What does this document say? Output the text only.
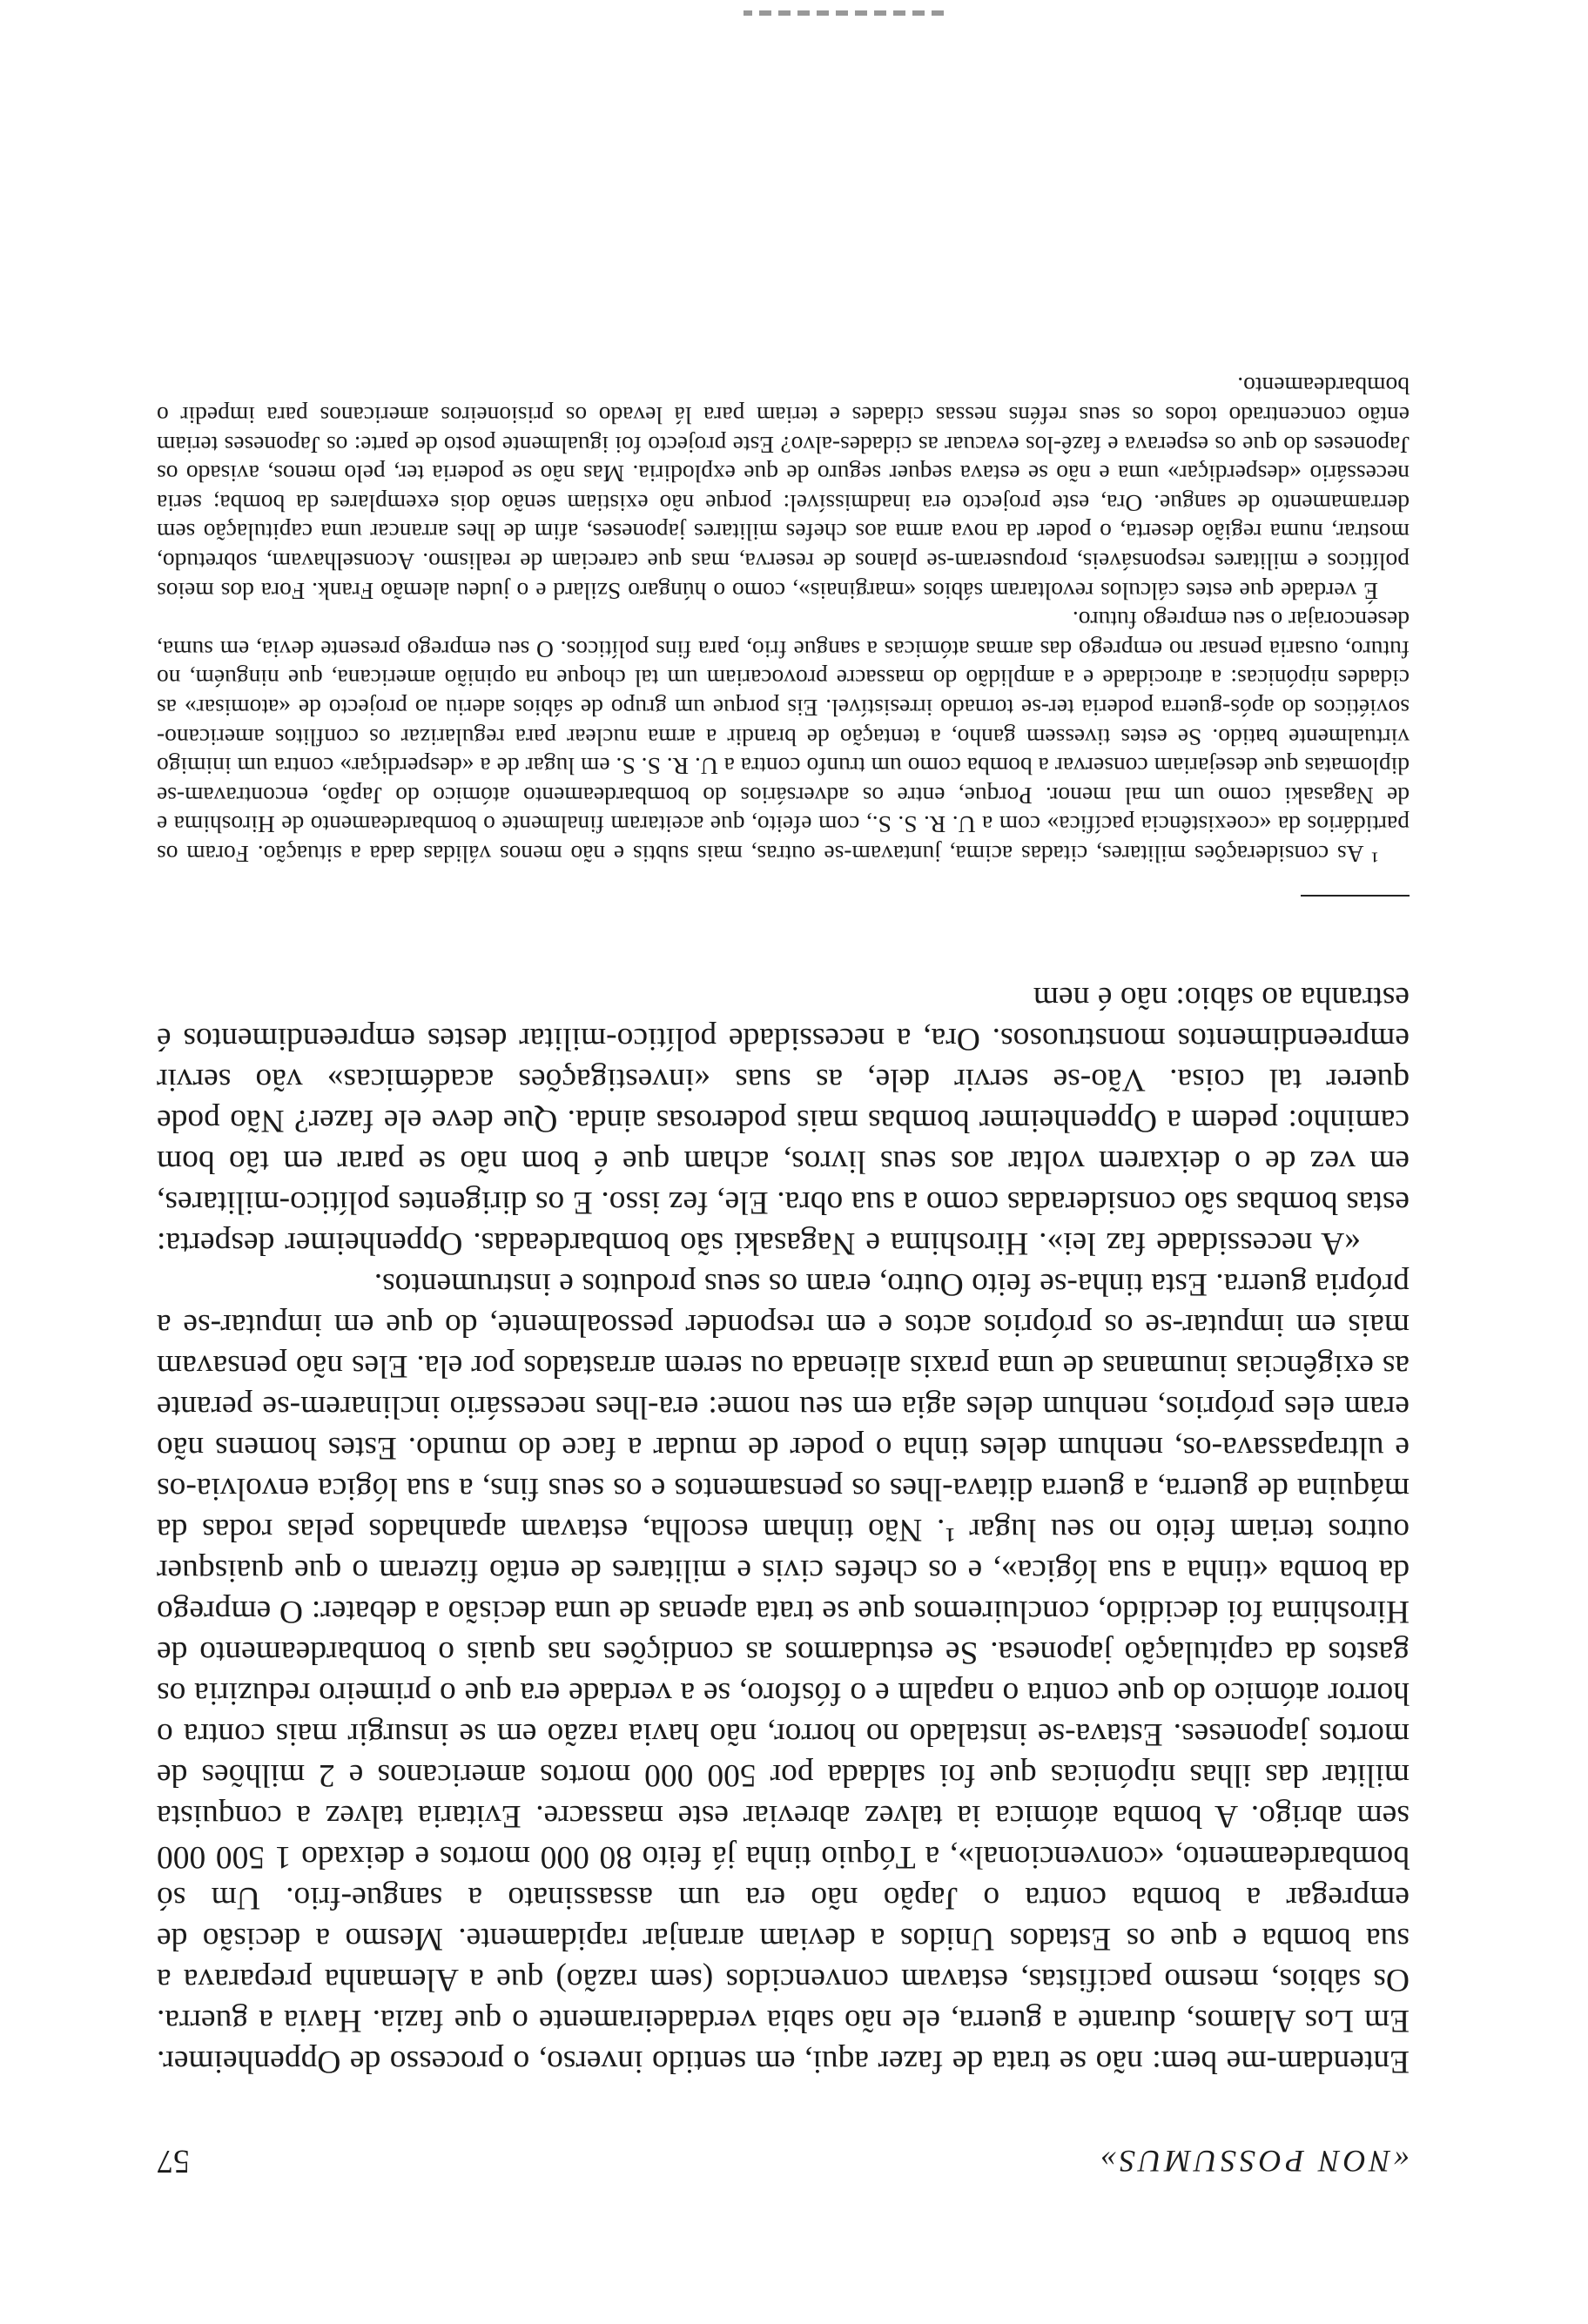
«NON POSSUMUS»
57

Entendam-me bem: não se trata de fazer aqui, em sentido inverso, o processo de Oppenheimer. Em Los Alamos, durante a guerra, ele não sabia verdadeiramente o que fazia. Havia a guerra. Os sábios, mesmo pacifistas, estavam convencidos (sem razão) que a Alemanha preparava a sua bomba e que os Estados Unidos a deviam arranjar rapidamente. Mesmo a decisão de empregar a bomba contra o Japão não era um assassinato a sangue-frio. Um só bombardeamento, «convencional», a Tóquio tinha já feito 80 000 mortos e deixado 1 500 000 sem abrigo. A bomba atómica ia talvez abreviar este massacre. Evitaria talvez a conquista militar das ilhas nipónicas que foi saldada por 500 000 mortos americanos e 2 milhões de mortos japoneses. Estava-se instalado no horror, não havia razão em se insurgir mais contra o horror atómico do que contra o napalm e o fósforo, se a verdade era que o primeiro reduziria os gastos da capitulação japonesa. Se estudarmos as condições nas quais o bombardeamento de Hiroshima foi decidido, concluiremos que se trata apenas de uma decisão a debater: O emprego da bomba «tinha a sua lógica», e os chefes civis e militares de então fizeram o que quaisquer outros teriam feito no seu lugar ¹. Não tinham escolha, estavam apanhados pelas rodas da máquina de guerra, a guerra ditava-lhes os pensamentos e os seus fins, a sua lógica envolvia-os e ultrapassava-os, nenhum deles tinha o poder de mudar a face do mundo. Estes homens não eram eles próprios, nenhum deles agia em seu nome: era-lhes necessário inclinarem-se perante as exigências inumanas de uma praxis alienada ou serem arrastados por ela. Eles não pensavam mais em imputar-se os próprios actos e em responder pessoalmente, do que em imputar-se a própria guerra. Esta tinha-se feito Outro, eram os seus produtos e instrumentos.

«A necessidade faz lei». Hiroshima e Nagasaki são bombardeadas. Oppenheimer desperta: estas bombas são consideradas como a sua obra. Ele, fez isso. E os dirigentes político-militares, em vez de o deixarem voltar aos seus livros, acham que é bom não se parar em tão bom caminho: pedem a Oppenheimer bombas mais poderosas ainda. Que deve ele fazer? Não pode querer tal coisa. Vão-se servir dele, as suas «investigações académicas» vão servir empreendimentos monstruosos. Ora, a necessidade político-militar destes empreendimentos é estranha ao sábio: não é nem

¹ As considerações militares, citadas acima, juntavam-se outras, mais subtis e não menos válidas dada a situação. Foram os partidários da «coexistência pacífica» com a U. R. S. S., com efeito, que aceitaram finalmente o bombardeamento de Hiroshima e de Nagasaki como um mal menor. Porque, entre os adversários do bombardeamento atómico do Japão, encontravam-se diplomatas que desejariam conservar a bomba como um trunfo contra a U. R. S. S. em lugar de a «desperdiçar» contra um inimigo virtualmente batido. Se estes tivessem ganho, a tentação de brandir a arma nuclear para regularizar os conflitos americano-soviéticos do após-guerra poderia ter-se tornado irresistível. Eis porque um grupo de sábios aderiu ao projecto de «atomisar» as cidades nipónicas: a atrocidade e a amplidão do massacre provocariam um tal choque na opinião americana, que ninguém, no futuro, ousaria pensar no emprego das armas atómicas a sangue frio, para fins políticos. O seu emprego presente devia, em suma, desencorajar o seu emprego futuro.

É verdade que estes cálculos revoltaram sábios «marginais», como o húngaro Szilard e o judeu alemão Frank. Fora dos meios políticos e militares responsáveis, propuseram-se planos de reserva, mas que careciam de realismo. Aconselhavam, sobretudo, mostrar, numa região deserta, o poder da nova arma aos chefes militares japoneses, afim de lhes arrancar uma capitulação sem derramamento de sangue. Ora, este projecto era inadmissível: porque não existiam senão dois exemplares da bomba; seria necessário «desperdiçar» uma e não se estava sequer seguro de que explodiria. Mas não se poderia ter, pelo menos, avisado os Japoneses do que os esperava e fazê-los evacuar as cidades-alvo? Este projecto foi igualmente posto de parte: os Japoneses teriam então concentrado todos os seus reféns nessas cidades e teriam para lá levado os prisioneiros americanos para impedir o bombardeamento.
